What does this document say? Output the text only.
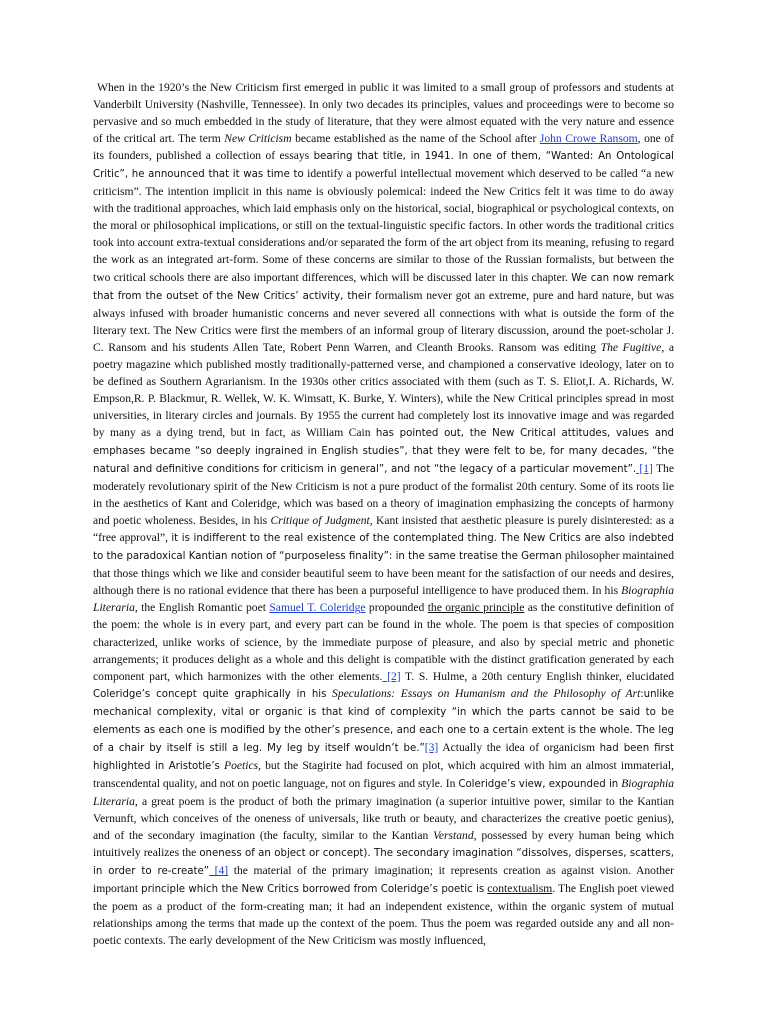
When in the 1920’s the New Criticism first emerged in public it was limited to a small group of professors and students at Vanderbilt University (Nashville, Tennessee). In only two decades its principles, values and proceedings were to become so pervasive and so much embedded in the study of literature, that they were almost equated with the very nature and essence of the critical art. The term New Criticism became established as the name of the School after John Crowe Ransom, one of its founders, published a collection of essays bearing that title, in 1941. In one of them, “Wanted: An Ontological Critic”, he announced that it was time to identify a powerful intellectual movement which deserved to be called “a new criticism”. The intention implicit in this name is obviously polemical: indeed the New Critics felt it was time to do away with the traditional approaches, which laid emphasis only on the historical, social, biographical or psychological contexts, on the moral or philosophical implications, or still on the textual-linguistic specific factors. In other words the traditional critics took into account extra-textual considerations and/or separated the form of the art object from its meaning, refusing to regard the work as an integrated art-form. Some of these concerns are similar to those of the Russian formalists, but between the two critical schools there are also important differences, which will be discussed later in this chapter. We can now remark that from the outset of the New Critics’ activity, their formalism never got an extreme, pure and hard nature, but was always infused with broader humanistic concerns and never severed all connections with what is outside the form of the literary text. The New Critics were first the members of an informal group of literary discussion, around the poet-scholar J. C. Ransom and his students Allen Tate, Robert Penn Warren, and Cleanth Brooks. Ransom was editing The Fugitive, a poetry magazine which published mostly traditionally-patterned verse, and championed a conservative ideology, later on to be defined as Southern Agrarianism. In the 1930s other critics associated with them (such as T. S. Eliot,I. A. Richards, W. Empson,R. P. Blackmur, R. Wellek, W. K. Wimsatt, K. Burke, Y. Winters), while the New Critical principles spread in most universities, in literary circles and journals. By 1955 the current had completely lost its innovative image and was regarded by many as a dying trend, but in fact, as William Cain has pointed out, the New Critical attitudes, values and emphases became “so deeply ingrained in English studies”, that they were felt to be, for many decades, “the natural and definitive conditions for criticism in general”, and not “the legacy of a particular movement”. [1] The moderately revolutionary spirit of the New Criticism is not a pure product of the formalist 20th century. Some of its roots lie in the aesthetics of Kant and Coleridge, which was based on a theory of imagination emphasizing the concepts of harmony and poetic wholeness. Besides, in his Critique of Judgment, Kant insisted that aesthetic pleasure is purely disinterested: as a “free approval”, it is indifferent to the real existence of the contemplated thing. The New Critics are also indebted to the paradoxical Kantian notion of “purposeless finality”: in the same treatise the German philosopher maintained that those things which we like and consider beautiful seem to have been meant for the satisfaction of our needs and desires, although there is no rational evidence that there has been a purposeful intelligence to have produced them. In his Biographia Literaria, the English Romantic poet Samuel T. Coleridge propounded the organic principle as the constitutive definition of the poem: the whole is in every part, and every part can be found in the whole. The poem is that species of composition characterized, unlike works of science, by the immediate purpose of pleasure, and also by special metric and phonetic arrangements; it produces delight as a whole and this delight is compatible with the distinct gratification generated by each component part, which harmonizes with the other elements. [2] T. S. Hulme, a 20th century English thinker, elucidated Coleridge’s concept quite graphically in his Speculations: Essays on Humanism and the Philosophy of Art:unlike mechanical complexity, vital or organic is that kind of complexity “in which the parts cannot be said to be elements as each one is modified by the other’s presence, and each one to a certain extent is the whole. The leg of a chair by itself is still a leg. My leg by itself wouldn’t be.”[3] Actually the idea of organicism had been first highlighted in Aristotle’s Poetics, but the Stagirite had focused on plot, which acquired with him an almost immaterial, transcendental quality, and not on poetic language, not on figures and style. In Coleridge’s view, expounded in Biographia Literaria, a great poem is the product of both the primary imagination (a superior intuitive power, similar to the Kantian Vernunft, which conceives of the oneness of universals, like truth or beauty, and characterizes the creative poetic genius), and of the secondary imagination (the faculty, similar to the Kantian Verstand, possessed by every human being which intuitively realizes the oneness of an object or concept). The secondary imagination “dissolves, disperses, scatters, in order to re-create” [4] the material of the primary imagination; it represents creation as against vision. Another important principle which the New Critics borrowed from Coleridge’s poetic is contextualism. The English poet viewed the poem as a product of the form-creating man; it had an independent existence, within the organic system of mutual relationships among the terms that made up the context of the poem. Thus the poem was regarded outside any and all non-poetic contexts. The early development of the New Criticism was mostly influenced,
